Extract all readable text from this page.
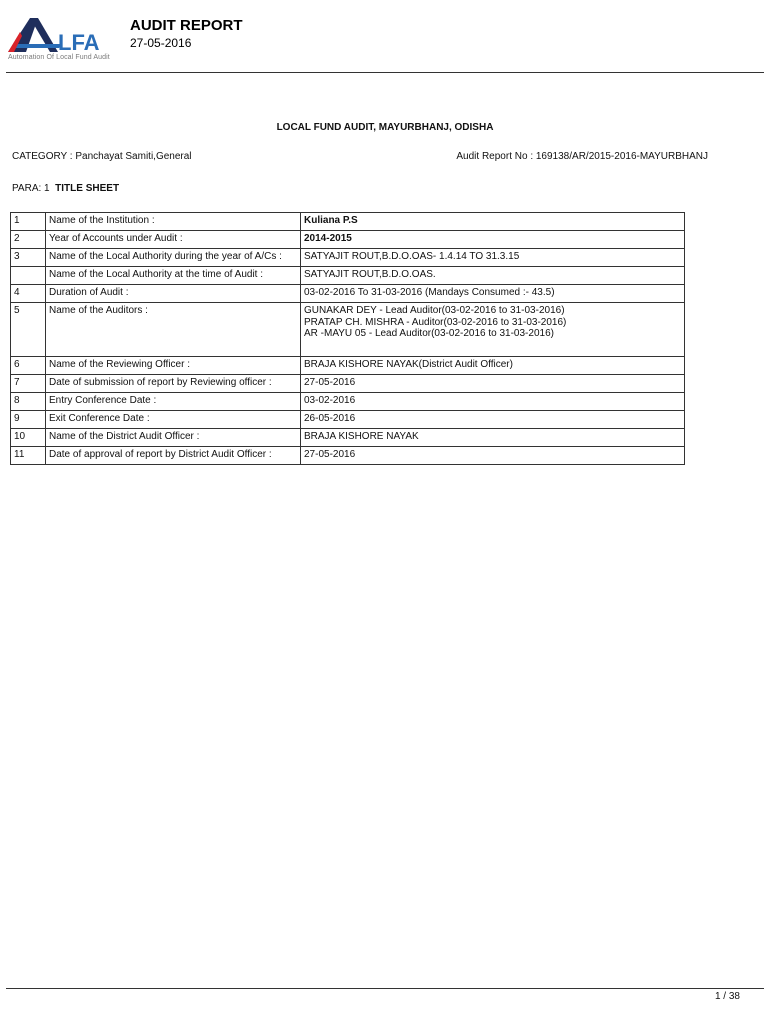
LFA
Automation Of Local Fund Audit
AUDIT REPORT
27-05-2016
LOCAL FUND AUDIT, MAYURBHANJ, ODISHA
CATEGORY : Panchayat Samiti,General	Audit Report No : 169138/AR/2015-2016-MAYURBHANJ
PARA: 1 TITLE SHEET
1	Name of the Institution :	Kuliana P.S
2	Year of Accounts under Audit :	2014-2015
3	Name of the Local Authority during the year of A/Cs :	SATYAJIT ROUT,B.D.O.OAS- 1.4.14 TO 31.3.15
	Name of the Local Authority at the time of Audit :	SATYAJIT ROUT,B.D.O.OAS.
4	Duration of Audit :	03-02-2016 To 31-03-2016 (Mandays Consumed :- 43.5)
5	Name of the Auditors :	GUNAKAR DEY - Lead Auditor(03-02-2016 to 31-03-2016)
PRATAP CH. MISHRA - Auditor(03-02-2016 to 31-03-2016)
AR -MAYU 05 - Lead Auditor(03-02-2016 to 31-03-2016)

6	Name of the Reviewing Officer :	BRAJA KISHORE NAYAK(District Audit Officer)
7	Date of submission of report by Reviewing officer :	27-05-2016
8	Entry Conference Date :	03-02-2016
9	Exit Conference Date :	26-05-2016
10	Name of the District Audit Officer :	BRAJA KISHORE NAYAK
11	Date of approval of report by District Audit Officer :	27-05-2016
1 / 38
